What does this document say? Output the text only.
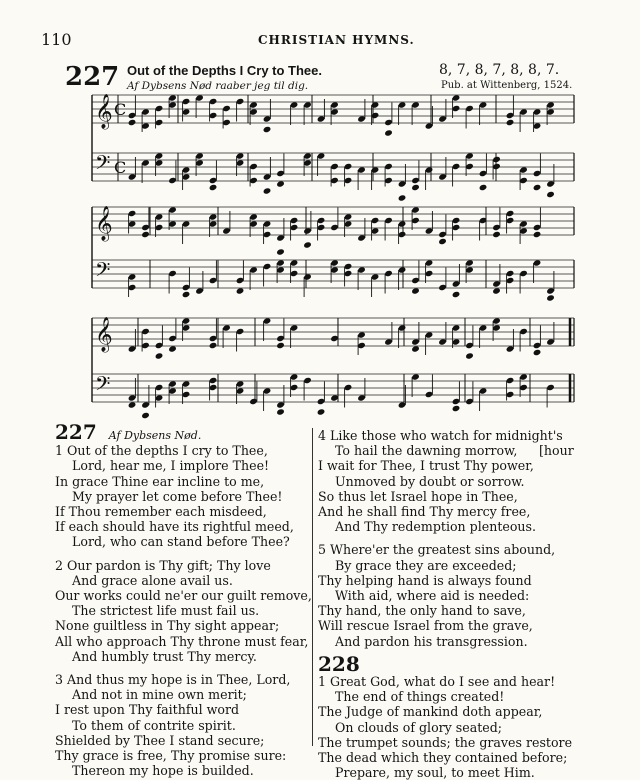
110	CHRISTIAN HYMNS.
227 Out of the Depths I Cry to Thee.
Af Dybsens Nød raaber jeg til dig.
8, 7, 8, 7, 8, 8, 7.
Pub. at Wittenberg, 1524.
𝄞 C
𝄢 C
𝄞
𝄢
𝄞
𝄢
227 Af Dybsens Nød.
1 Out of the depths I cry to Thee,
Lord, hear me, I implore Thee!
In grace Thine ear incline to me,
My prayer let come before Thee!
If Thou remember each misdeed,
If each should have its rightful meed,
Lord, who can stand before Thee?
2 Our pardon is Thy gift; Thy love
And grace alone avail us.
Our works could ne'er our guilt remove,
The strictest life must fail us.
None guiltless in Thy sight appear;
All who approach Thy throne must fear,
And humbly trust Thy mercy.
3 And thus my hope is in Thee, Lord,
And not in mine own merit;
I rest upon Thy faithful word
To them of contrite spirit.
Shielded by Thee I stand secure;
Thy grace is free, Thy promise sure:
Thereon my hope is builded.
4 Like those who watch for midnight's
To hail the dawning morrow, [hour
I wait for Thee, I trust Thy power,
Unmoved by doubt or sorrow.
So thus let Israel hope in Thee,
And he shall find Thy mercy free,
And Thy redemption plenteous.
5 Where'er the greatest sins abound,
By grace they are exceeded;
Thy helping hand is always found
With aid, where aid is needed:
Thy hand, the only hand to save,
Will rescue Israel from the grave,
And pardon his transgression.
228
1 Great God, what do I see and hear!
The end of things created!
The Judge of mankind doth appear,
On clouds of glory seated;
The trumpet sounds; the graves restore
The dead which they contained before;
Prepare, my soul, to meet Him.
